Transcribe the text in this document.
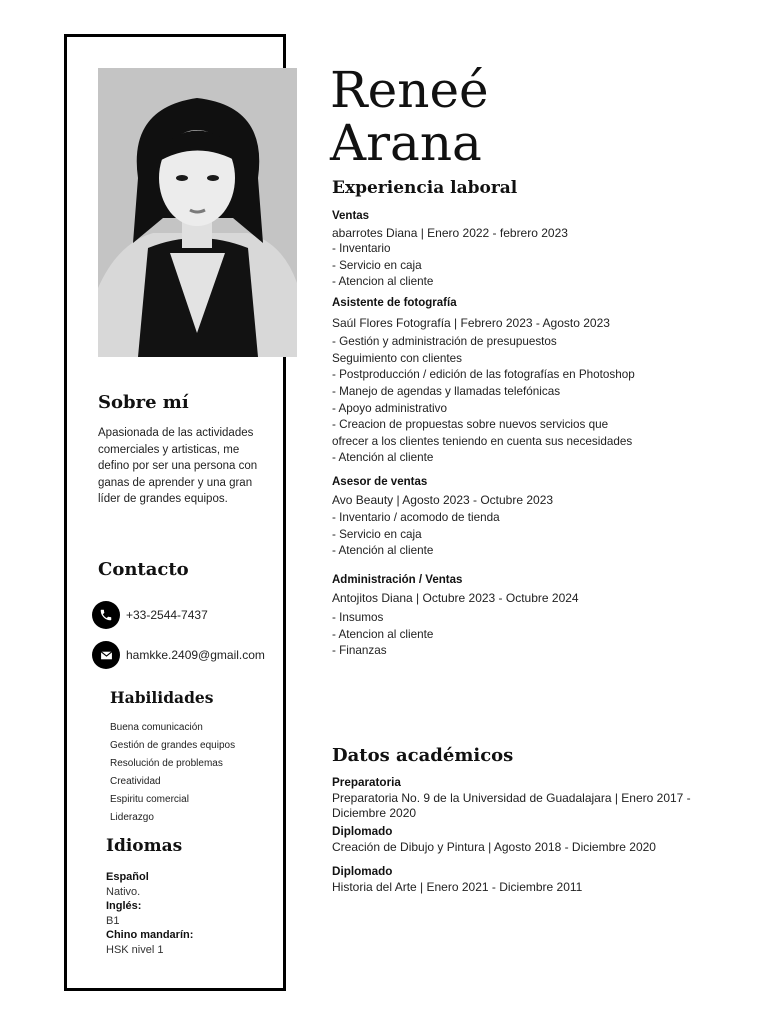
Sobre mí

Apasionada de las actividades comerciales y artisticas, me defino por ser una persona con ganas de aprender y una gran líder de grandes equipos.

Contacto
+33-2544-7437
hamkke.2409@gmail.com
Habilidades
Buena comunicación
Gestión de grandes equipos
Resolución de problemas
Creatividad
Espiritu comercial
Liderazgo
Idiomas
Español
Nativo.
Inglés:
B1
Chino mandarín:
HSK nivel 1
Reneé
Arana
Experiencia laboral
Ventas
abarrotes Diana | Enero 2022 - febrero 2023
- Inventario
- Servicio en caja
- Atencion al cliente
Asistente de fotografía
Saúl Flores Fotografía | Febrero 2023 - Agosto 2023
- Gestión y administración de presupuestos
Seguimiento con clientes
- Postproducción / edición de las fotografías en Photoshop
- Manejo de agendas y llamadas telefónicas
- Apoyo administrativo
- Creacion de propuestas sobre nuevos servicios que
ofrecer a los clientes teniendo en cuenta sus necesidades
- Atención al cliente
Asesor de ventas
Avo Beauty | Agosto 2023 - Octubre 2023
- Inventario / acomodo de tienda
- Servicio en caja
- Atención al cliente
Administración / Ventas
Antojitos Diana | Octubre 2023 - Octubre 2024
- Insumos
- Atencion al cliente
- Finanzas
Datos académicos
Preparatoria
Preparatoria No. 9 de la Universidad de Guadalajara | Enero 2017 - Diciembre 2020
Diplomado
Creación de Dibujo y Pintura | Agosto 2018 - Diciembre 2020
Diplomado
Historia del Arte | Enero 2021 - Diciembre 2011
